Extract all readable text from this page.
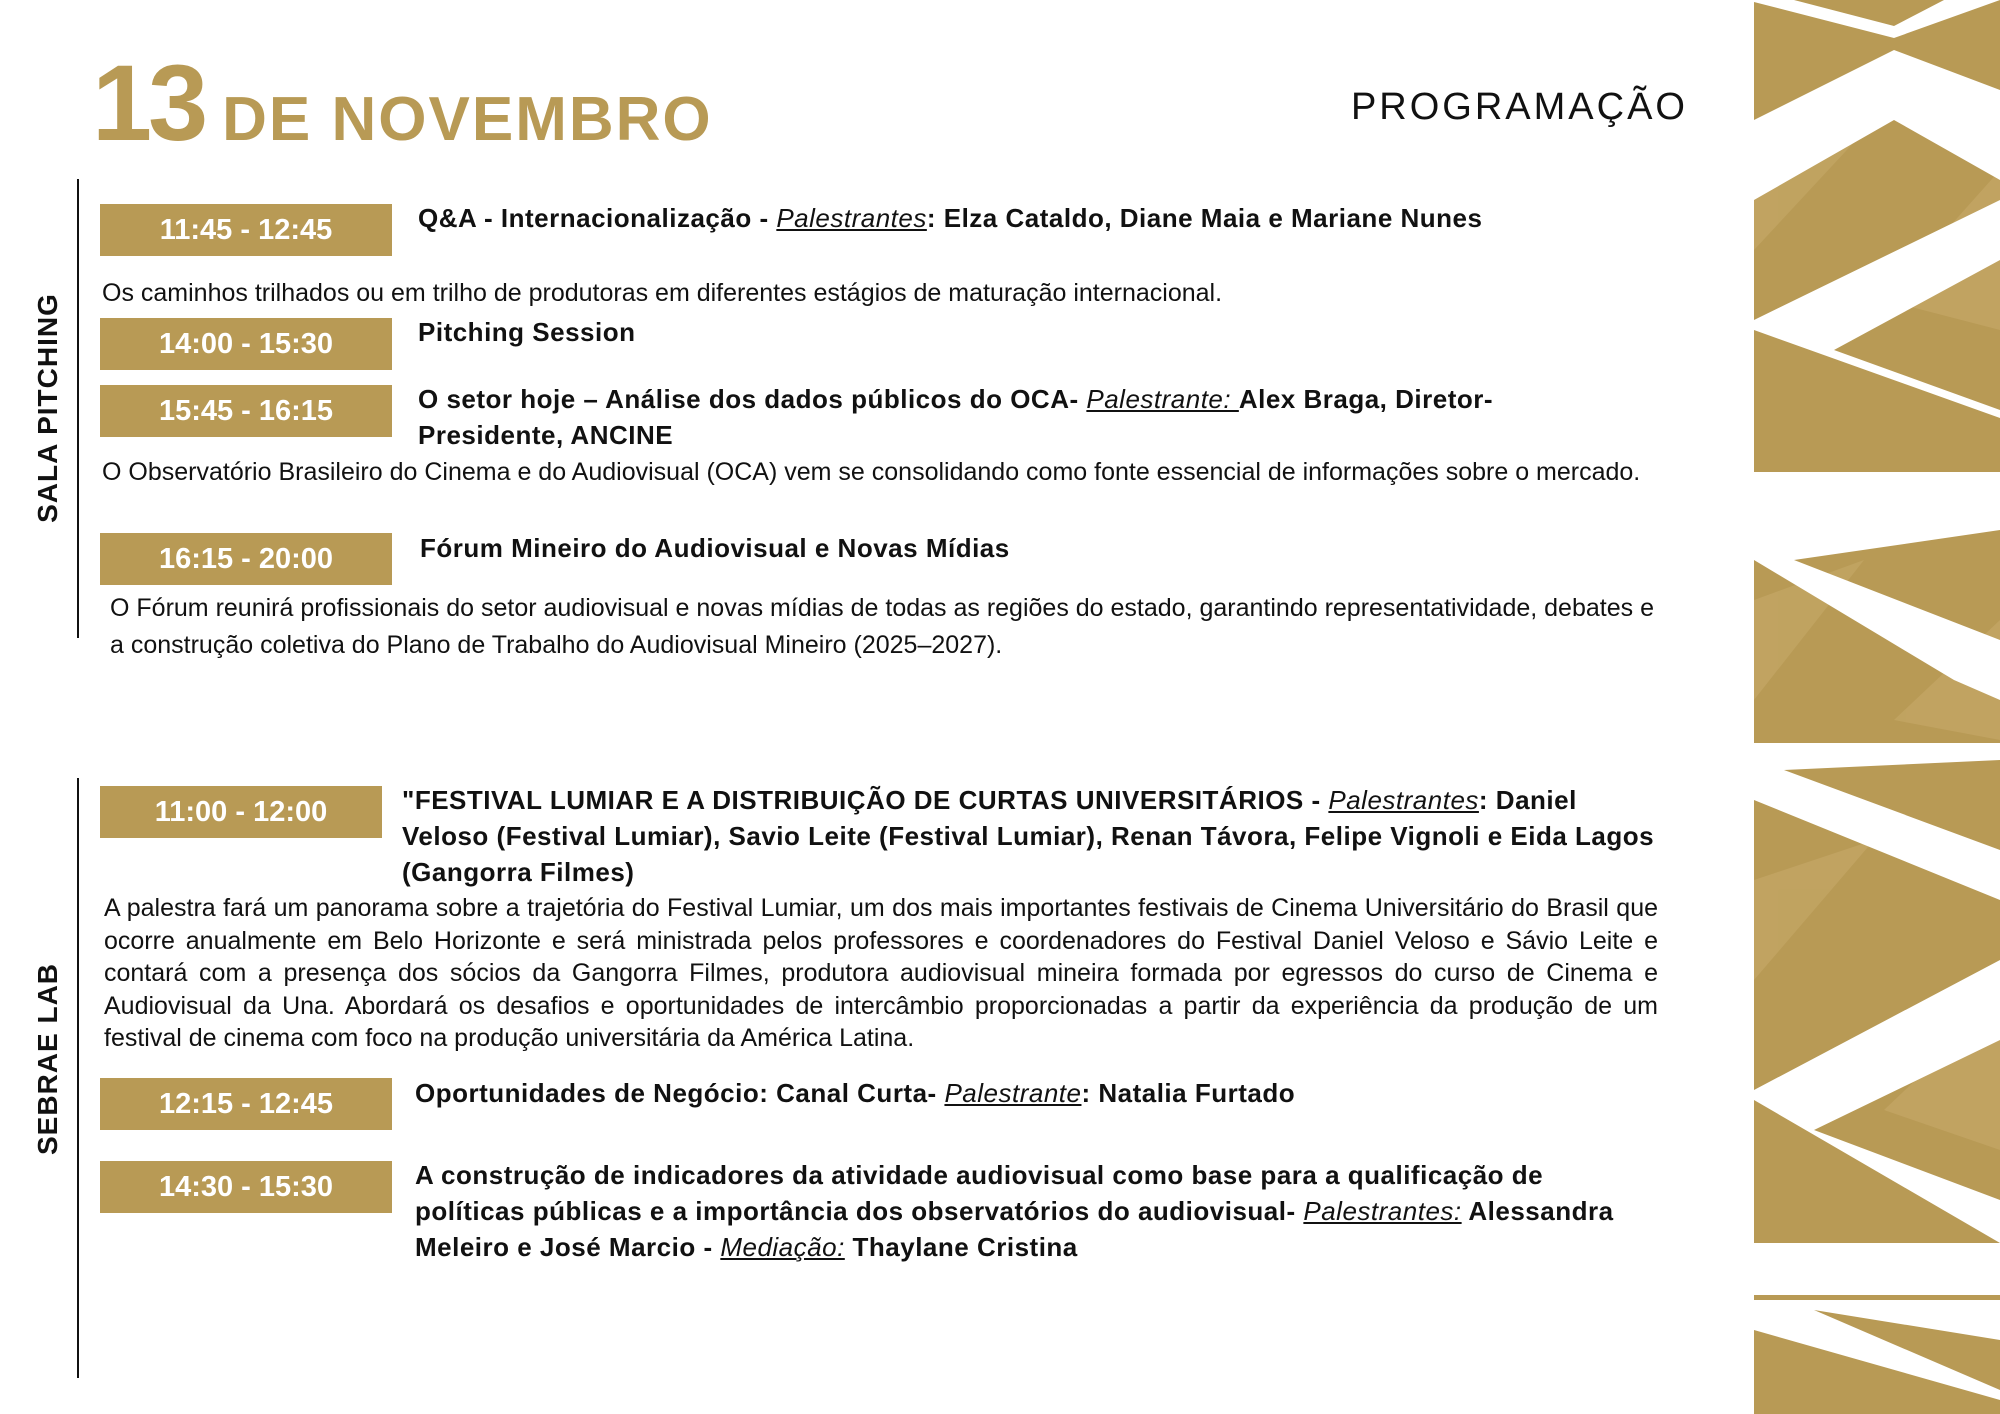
13 DE NOVEMBRO	PROGRAMAÇÃO
SALA PITCHING
11:45 - 12:45	Q&A - Internacionalização - Palestrantes: Elza Cataldo, Diane Maia e Mariane Nunes
Os caminhos trilhados ou em trilho de produtoras em diferentes estágios de maturação internacional.
14:00 - 15:30	Pitching Session
15:45 - 16:15	O setor hoje – Análise dos dados públicos do OCA- Palestrante: Alex Braga, Diretor-Presidente, ANCINE
O Observatório Brasileiro do Cinema e do Audiovisual (OCA) vem se consolidando como fonte essencial de informações sobre o mercado.
16:15 - 20:00	Fórum Mineiro do Audiovisual e Novas Mídias
O Fórum reunirá profissionais do setor audiovisual e novas mídias de todas as regiões do estado, garantindo representatividade, debates e a construção coletiva do Plano de Trabalho do Audiovisual Mineiro (2025–2027).
SEBRAE LAB
11:00 - 12:00	"FESTIVAL LUMIAR E A DISTRIBUIÇÃO DE CURTAS UNIVERSITÁRIOS - Palestrantes: Daniel Veloso (Festival Lumiar), Savio Leite (Festival Lumiar), Renan Távora, Felipe Vignoli e Eida Lagos (Gangorra Filmes)
A palestra fará um panorama sobre a trajetória do Festival Lumiar, um dos mais importantes festivais de Cinema Universitário do Brasil que ocorre anualmente em Belo Horizonte e será ministrada pelos professores e coordenadores do Festival Daniel Veloso e Sávio Leite e contará com a presença dos sócios da Gangorra Filmes, produtora audiovisual mineira formada por egressos do curso de Cinema e Audiovisual da Una. Abordará os desafios e oportunidades de intercâmbio proporcionadas a partir da experiência da produção de um festival de cinema com foco na produção universitária da América Latina.
12:15 - 12:45	Oportunidades de Negócio: Canal Curta- Palestrante: Natalia Furtado
14:30 - 15:30	A construção de indicadores da atividade audiovisual como base para a qualificação de políticas públicas e a importância dos observatórios do audiovisual- Palestrantes: Alessandra Meleiro e José Marcio - Mediação: Thaylane Cristina
